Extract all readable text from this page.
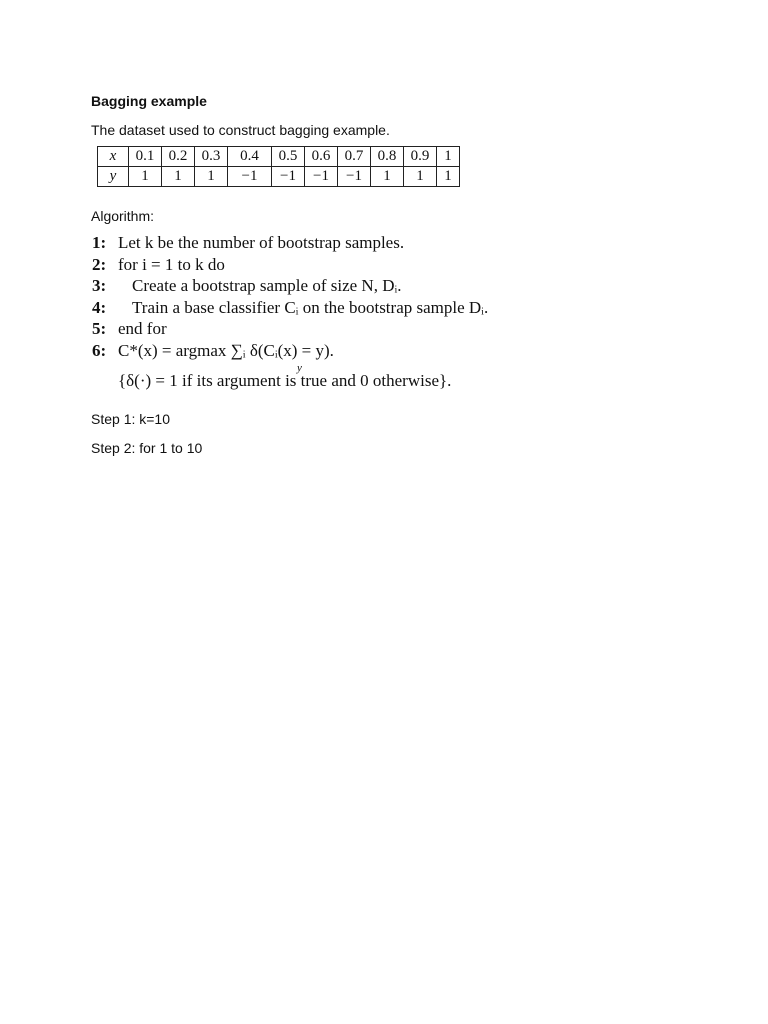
Bagging example

The dataset used to construct bagging example.

x	0.1	0.2	0.3	0.4	0.5	0.6	0.7	0.8	0.9	1
y	1	1	1	−1	−1	−1	−1	1	1	1

Algorithm:

1: Let k be the number of bootstrap samples.
2: for i = 1 to k do
3: Create a bootstrap sample of size N, Dᵢ.
4: Train a base classifier Cᵢ on the bootstrap sample Dᵢ.
5: end for
6: C*(x) = argmax ∑ᵢ δ(Cᵢ(x) = y).
y
{δ(·) = 1 if its argument is true and 0 otherwise}.

Step 1: k=10

Step 2: for 1 to 10
